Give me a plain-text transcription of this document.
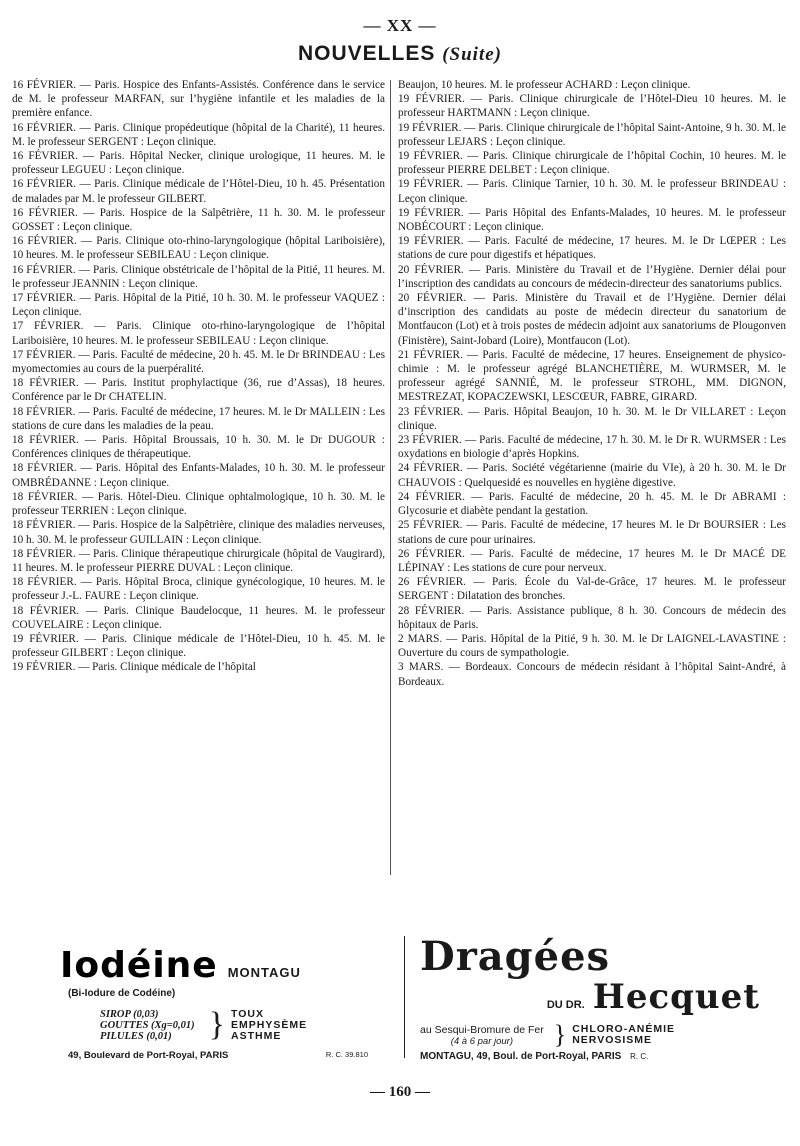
— XX —
NOUVELLES (Suite)

16 FÉVRIER. — Paris. Hospice des Enfants-Assistés. Conférence dans le service de M. le professeur MARFAN, sur l’hygiène infantile et les maladies de la première enfance.

16 FÉVRIER. — Paris. Clinique propédeutique (hôpital de la Charité), 11 heures. M. le professeur SERGENT : Leçon clinique.

16 FÉVRIER. — Paris. Hôpital Necker, clinique urologique, 11 heures. M. le professeur LEGUEU : Leçon clinique.

16 FÉVRIER. — Paris. Clinique médicale de l’Hôtel-Dieu, 10 h. 45. Présentation de malades par M. le professeur GILBERT.

16 FÉVRIER. — Paris. Hospice de la Salpêtrière, 11 h. 30. M. le professeur GOSSET : Leçon clinique.

16 FÉVRIER. — Paris. Clinique oto-rhino-laryngologique (hôpital Lariboisière), 10 heures. M. le professeur SEBILEAU : Leçon clinique.

16 FÉVRIER. — Paris. Clinique obstétricale de l’hôpital de la Pitié, 11 heures. M. le professeur JEANNIN : Leçon clinique.

17 FÉVRIER. — Paris. Hôpital de la Pitié, 10 h. 30. M. le professeur VAQUEZ : Leçon clinique.

17 FÉVRIER. — Paris. Clinique oto-rhino-laryngologique de l’hôpital Lariboisière, 10 heures. M. le professeur SEBILEAU : Leçon clinique.

17 FÉVRIER. — Paris. Faculté de médecine, 20 h. 45. M. le Dr BRINDEAU : Les myomectomies au cours de la puerpéralité.

18 FÉVRIER. — Paris. Institut prophylactique (36, rue d’Assas), 18 heures. Conférence par le Dr CHATELIN.

18 FÉVRIER. — Paris. Faculté de médecine, 17 heures. M. le Dr MALLEIN : Les stations de cure dans les maladies de la peau.

18 FÉVRIER. — Paris. Hôpital Broussais, 10 h. 30. M. le Dr DUGOUR : Conférences cliniques de thérapeutique.

18 FÉVRIER. — Paris. Hôpital des Enfants-Malades, 10 h. 30. M. le professeur OMBRÉDANNE : Leçon clinique.

18 FÉVRIER. — Paris. Hôtel-Dieu. Clinique ophtalmologique, 10 h. 30. M. le professeur TERRIEN : Leçon clinique.

18 FÉVRIER. — Paris. Hospice de la Salpêtrière, clinique des maladies nerveuses, 10 h. 30. M. le professeur GUILLAIN : Leçon clinique.

18 FÉVRIER. — Paris. Clinique thérapeutique chirurgicale (hôpital de Vaugirard), 11 heures. M. le professeur PIERRE DUVAL : Leçon clinique.

18 FÉVRIER. — Paris. Hôpital Broca, clinique gynécologique, 10 heures. M. le professeur J.-L. FAURE : Leçon clinique.

18 FÉVRIER. — Paris. Clinique Baudelocque, 11 heures. M. le professeur COUVELAIRE : Leçon clinique.

19 FÉVRIER. — Paris. Clinique médicale de l’Hôtel-Dieu, 10 h. 45. M. le professeur GILBERT : Leçon clinique.

19 FÉVRIER. — Paris. Clinique médicale de l’hôpital

Beaujon, 10 heures. M. le professeur ACHARD : Leçon clinique.

19 FÉVRIER. — Paris. Clinique chirurgicale de l’Hôtel-Dieu 10 heures. M. le professeur HARTMANN : Leçon clinique.

19 FÉVRIER. — Paris. Clinique chirurgicale de l’hôpital Saint-Antoine, 9 h. 30. M. le professeur LEJARS : Leçon clinique.

19 FÉVRIER. — Paris. Clinique chirurgicale de l’hôpital Cochin, 10 heures. M. le professeur PIERRE DELBET : Leçon clinique.

19 FÉVRIER. — Paris. Clinique Tarnier, 10 h. 30. M. le professeur BRINDEAU : Leçon clinique.

19 FÉVRIER. — Paris Hôpital des Enfants-Malades, 10 heures. M. le professeur NOBÉCOURT : Leçon clinique.

19 FÉVRIER. — Paris. Faculté de médecine, 17 heures. M. le Dr LŒPER : Les stations de cure pour digestifs et hépatiques.

20 FÉVRIER. — Paris. Ministère du Travail et de l’Hygiène. Dernier délai pour l’inscription des candidats au concours de médecin-directeur des sanatoriums publics.

20 FÉVRIER. — Paris. Ministère du Travail et de l’Hygiène. Dernier délai d’inscription des candidats au poste de médecin directeur du sanatorium de Montfaucon (Lot) et à trois postes de médecin adjoint aux sanatoriums de Plougonven (Finistère), Saint-Jobard (Loire), Montfaucon (Lot).

21 FÉVRIER. — Paris. Faculté de médecine, 17 heures. Enseignement de physico-chimie : M. le professeur agrégé BLANCHETIÈRE, M. WURMSER, M. le professeur agrégé SANNIÉ, M. le professeur STROHL, MM. DIGNON, MESTREZAT, KOPACZEWSKI, LESCŒUR, FABRE, GIRARD.

23 FÉVRIER. — Paris. Hôpital Beaujon, 10 h. 30. M. le Dr VILLARET : Leçon clinique.

23 FÉVRIER. — Paris. Faculté de médecine, 17 h. 30. M. le Dr R. WURMSER : Les oxydations en biologie d’après Hopkins.

24 FÉVRIER. — Paris. Société végétarienne (mairie du VIe), à 20 h. 30. M. le Dr CHAUVOIS : Quelquesidé es nouvelles en hygiène digestive.

24 FÉVRIER. — Paris. Faculté de médecine, 20 h. 45. M. le Dr ABRAMI : Glycosurie et diabète pendant la gestation.

25 FÉVRIER. — Paris. Faculté de médecine, 17 heures M. le Dr BOURSIER : Les stations de cure pour urinaires.

26 FÉVRIER. — Paris. Faculté de médecine, 17 heures M. le Dr MACÉ DE LÉPINAY : Les stations de cure pour nerveux.

26 FÉVRIER. — Paris. École du Val-de-Grâce, 17 heures. M. le professeur SERGENT : Dilatation des bronches.

28 FÉVRIER. — Paris. Assistance publique, 8 h. 30. Concours de médecin des hôpitaux de Paris.

2 MARS. — Paris. Hôpital de la Pitié, 9 h. 30. M. le Dr LAIGNEL-LAVASTINE : Ouverture du cours de sympathologie.

3 MARS. — Bordeaux. Concours de médecin résidant à l’hôpital Saint-André, à Bordeaux.

Iodéine MONTAGU
(Bi-Iodure de Codéine)
SIROP (0,03)
GOUTTES (Xg=0,01)
PILULES (0,01)	} TOUX
EMPHYSÈME
ASTHME
49, Boulevard de Port-Royal, PARIS	R. C. 39.810
Dragées
DU DR. Hecquet
au Sesqui-Bromure de Fer
(4 à 6 par jour)	} CHLORO-ANÉMIE
NERVOSISME
MONTAGU, 49, Boul. de Port-Royal, PARIS R. C.
— 160 —
